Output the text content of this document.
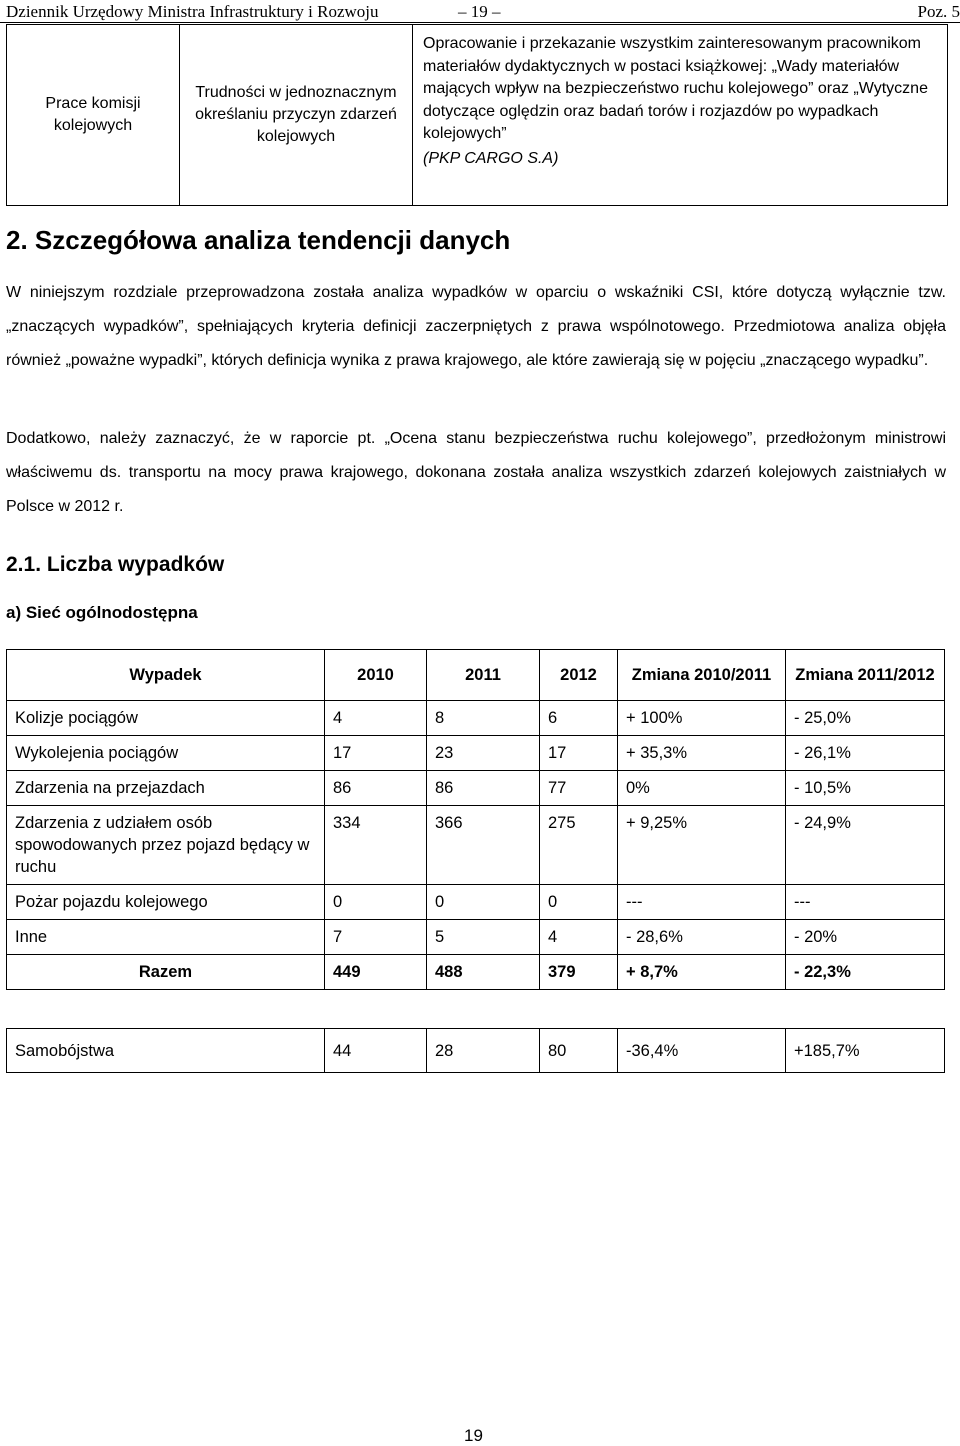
Dziennik Urzędowy Ministra Infrastruktury i Rozwoju	– 19 –	Poz. 5
Prace komisji kolejowych	Trudności w jednoznacznym określaniu przyczyn zdarzeń kolejowych	Opracowanie i przekazanie wszystkim zainteresowanym pracownikom materiałów dydaktycznych w postaci książkowej: „Wady materiałów mających wpływ na bezpieczeństwo ruchu kolejowego” oraz „Wytyczne dotyczące oględzin oraz badań torów i rozjazdów po wypadkach kolejowych”
(PKP CARGO S.A)
2. Szczegółowa analiza tendencji danych
W niniejszym rozdziale przeprowadzona została analiza wypadków w oparciu o wskaźniki CSI, które dotyczą wyłącznie tzw. „znaczących wypadków”, spełniających kryteria definicji zaczerpniętych z prawa wspólnotowego. Przedmiotowa analiza objęła również „poważne wypadki”, których definicja wynika z prawa krajowego, ale które zawierają się w pojęciu „znaczącego wypadku”.
Dodatkowo, należy zaznaczyć, że w raporcie pt. „Ocena stanu bezpieczeństwa ruchu kolejowego”, przedłożonym ministrowi właściwemu ds. transportu na mocy prawa krajowego, dokonana została analiza wszystkich zdarzeń kolejowych zaistniałych w Polsce w 2012 r.
2.1. Liczba wypadków
a) Sieć ogólnodostępna
Wypadek	2010	2011	2012	Zmiana 2010/2011	Zmiana 2011/2012
Kolizje pociągów	4	8	6	+ 100%	- 25,0%
Wykolejenia pociągów	17	23	17	+ 35,3%	- 26,1%
Zdarzenia na przejazdach	86	86	77	0%	- 10,5%
Zdarzenia z udziałem osób spowodowanych przez pojazd będący w ruchu	334	366	275	+ 9,25%	- 24,9%
Pożar pojazdu kolejowego	0	0	0	---	---
Inne	7	5	4	- 28,6%	- 20%
Razem	449	488	379	+ 8,7%	- 22,3%
Samobójstwa	44	28	80	-36,4%	+185,7%
19
